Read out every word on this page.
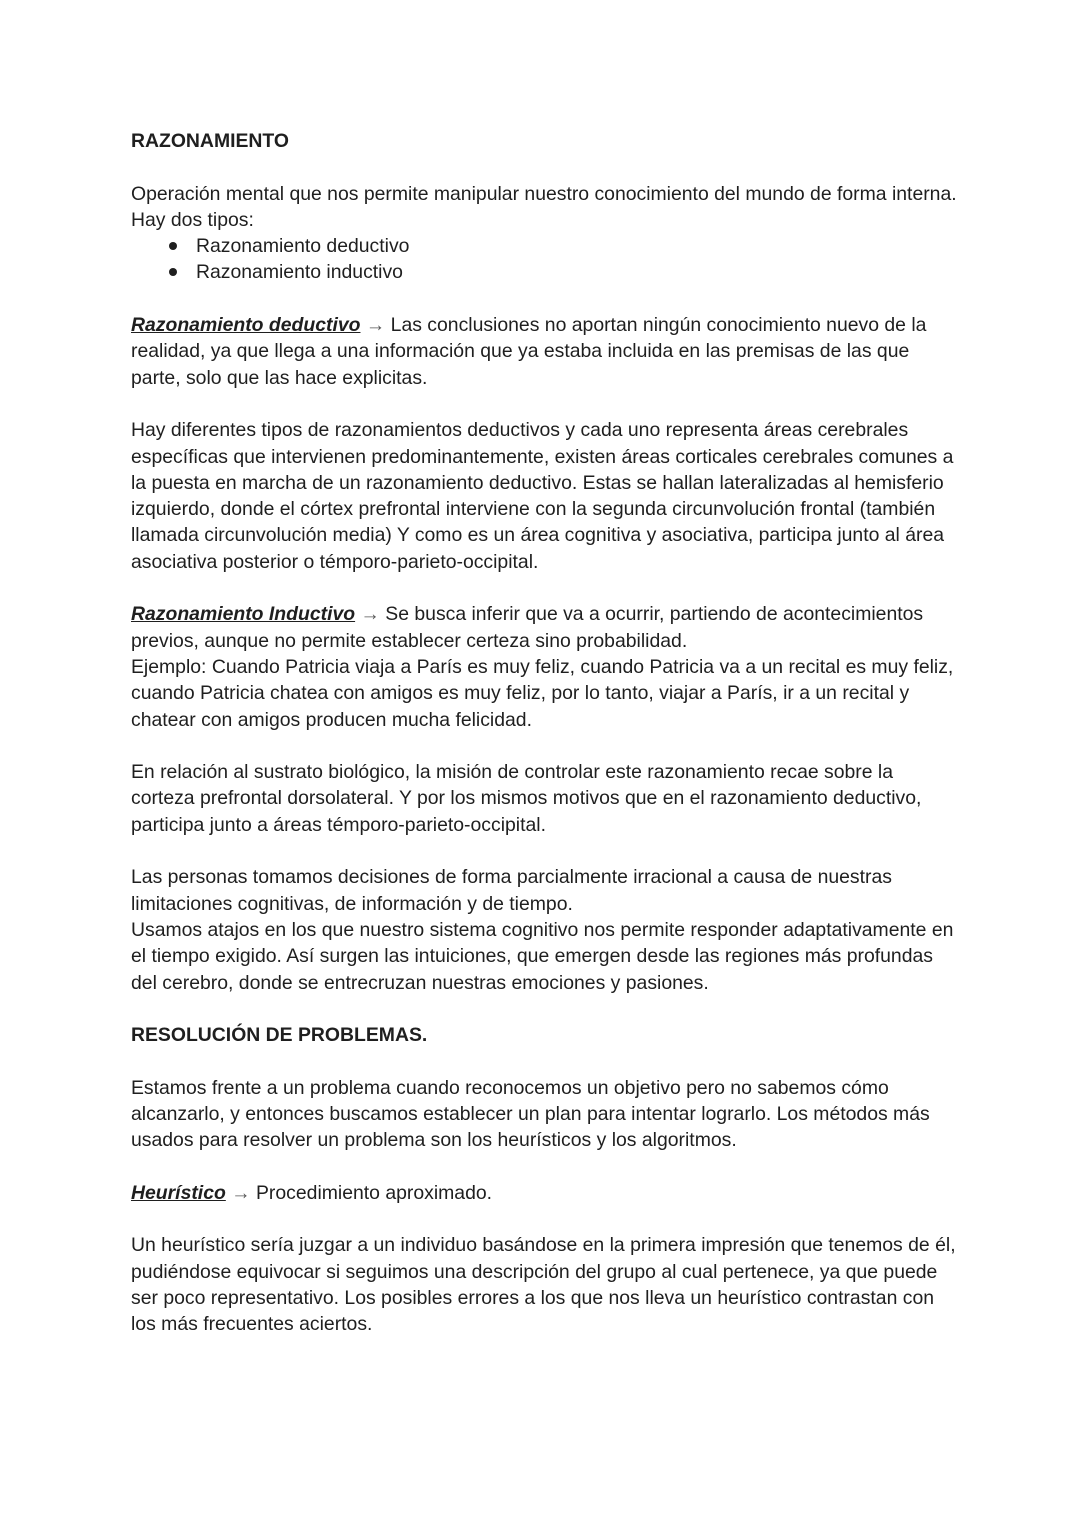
RAZONAMIENTO

Operación mental que nos permite manipular nuestro conocimiento del mundo de forma interna.

Hay dos tipos:

Razonamiento deductivo
Razonamiento inductivo

Razonamiento deductivo → Las conclusiones no aportan ningún conocimiento nuevo de la realidad, ya que llega a una información que ya estaba incluida en las premisas de las que parte, solo que las hace explicitas.

Hay diferentes tipos de razonamientos deductivos y cada uno representa áreas cerebrales específicas que intervienen predominantemente, existen áreas corticales cerebrales comunes a la puesta en marcha de un razonamiento deductivo. Estas se hallan lateralizadas al hemisferio izquierdo, donde el córtex prefrontal interviene con la segunda circunvolución frontal (también llamada circunvolución media) Y como es un área cognitiva y asociativa, participa junto al área asociativa posterior o témporo-parieto-occipital.

Razonamiento Inductivo → Se busca inferir que va a ocurrir, partiendo de acontecimientos previos, aunque no permite establecer certeza sino probabilidad.

Ejemplo: Cuando Patricia viaja a París es muy feliz, cuando Patricia va a un recital es muy feliz, cuando Patricia chatea con amigos es muy feliz, por lo tanto, viajar a París, ir a un recital y chatear con amigos producen mucha felicidad.

En relación al sustrato biológico, la misión de controlar este razonamiento recae sobre la corteza prefrontal dorsolateral. Y por los mismos motivos que en el razonamiento deductivo, participa junto a áreas témporo-parieto-occipital.

Las personas tomamos decisiones de forma parcialmente irracional a causa de nuestras limitaciones cognitivas, de información y de tiempo.

Usamos atajos en los que nuestro sistema cognitivo nos permite responder adaptativamente en el tiempo exigido. Así surgen las intuiciones, que emergen desde las regiones más profundas del cerebro, donde se entrecruzan nuestras emociones y pasiones.

RESOLUCIÓN DE PROBLEMAS.

Estamos frente a un problema cuando reconocemos un objetivo pero no sabemos cómo alcanzarlo, y entonces buscamos establecer un plan para intentar lograrlo. Los métodos más usados para resolver un problema son los heurísticos y los algoritmos.

Heurístico → Procedimiento aproximado.

Un heurístico sería juzgar a un individuo basándose en la primera impresión que tenemos de él, pudiéndose equivocar si seguimos una descripción del grupo al cual pertenece, ya que puede ser poco representativo. Los posibles errores a los que nos lleva un heurístico contrastan con los más frecuentes aciertos.
